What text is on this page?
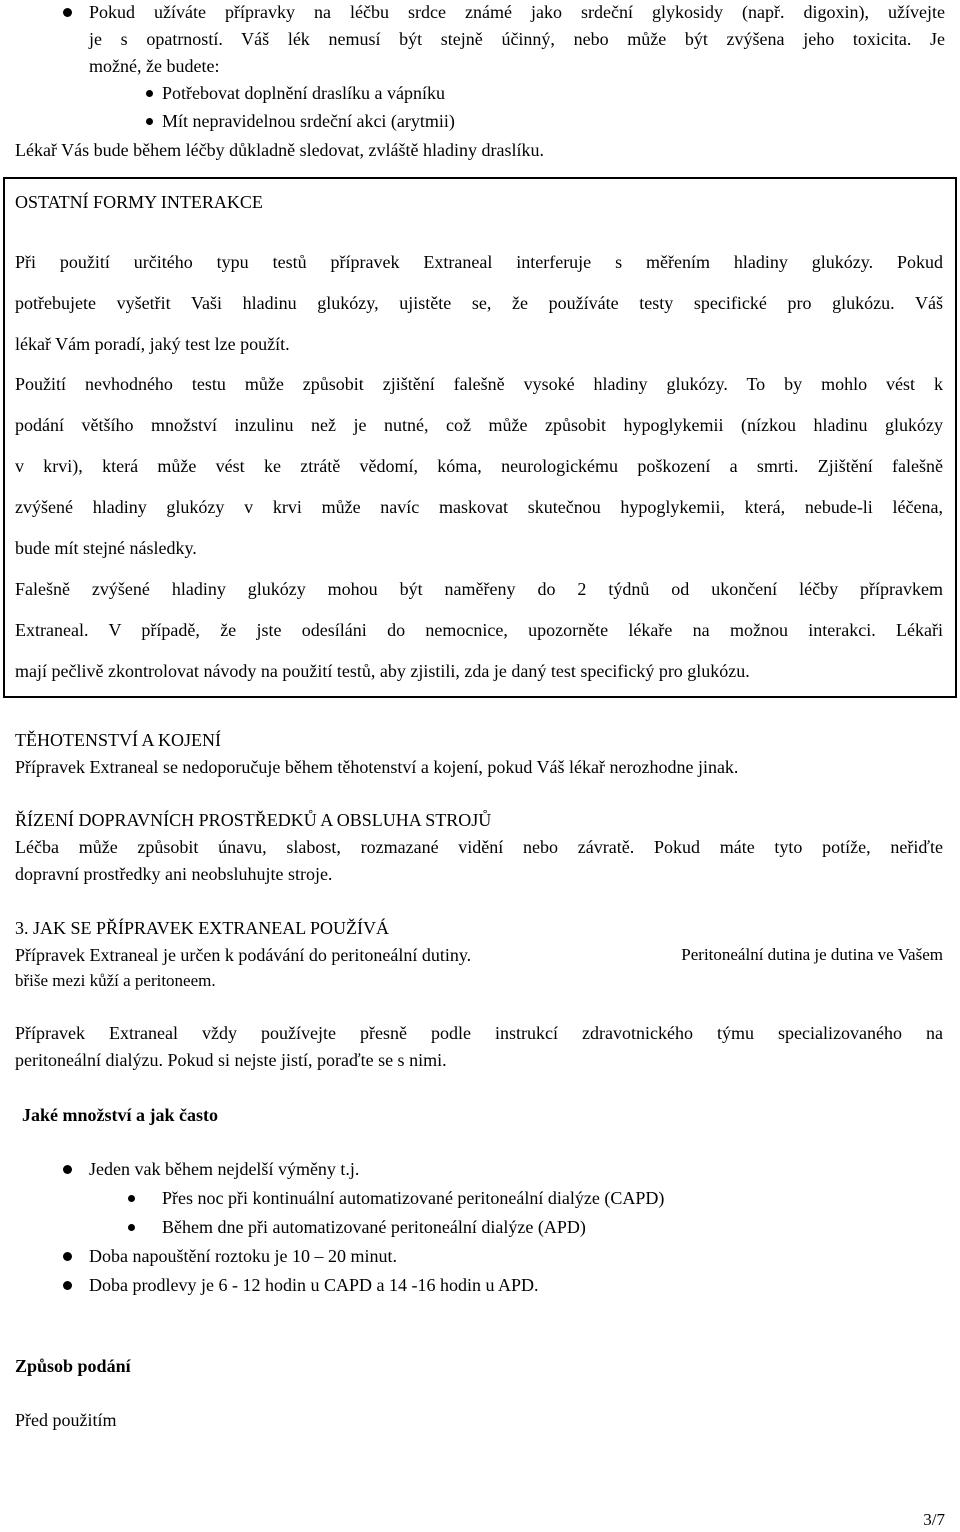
Pokud užíváte přípravky na léčbu srdce známé jako srdeční glykosidy (např. digoxin), užívejte
je s opatrností. Váš lék nemusí být stejně účinný, nebo může být zvýšena jeho toxicita. Je
možné, že budete:
Potřebovat doplnění draslíku a vápníku
Mít nepravidelnou srdeční akci (arytmii)
Lékař Vás bude během léčby důkladně sledovat, zvláště hladiny draslíku.
OSTATNÍ FORMY INTERAKCE
Při použití určitého typu testů přípravek Extraneal interferuje s měřením hladiny glukózy. Pokud
potřebujete vyšetřit Vaši hladinu glukózy, ujistěte se, že používáte testy specifické pro glukózu. Váš
lékař Vám poradí, jaký test lze použít.
Použití nevhodného testu může způsobit zjištění falešně vysoké hladiny glukózy. To by mohlo vést k
podání většího množství inzulinu než je nutné, což může způsobit hypoglykemii (nízkou hladinu glukózy
v krvi), která může vést ke ztrátě vědomí, kóma, neurologickému poškození a smrti. Zjištění falešně
zvýšené hladiny glukózy v krvi může navíc maskovat skutečnou hypoglykemii, která, nebude-li léčena,
bude mít stejné následky.
Falešně zvýšené hladiny glukózy mohou být naměřeny do 2 týdnů od ukončení léčby přípravkem
Extraneal. V případě, že jste odesíláni do nemocnice, upozorněte lékaře na možnou interakci. Lékaři
mají pečlivě zkontrolovat návody na použití testů, aby zjistili, zda je daný test specifický pro glukózu.
TĚHOTENSTVÍ A KOJENÍ
Přípravek Extraneal se nedoporučuje během těhotenství a kojení, pokud Váš lékař nerozhodne jinak.
ŘÍZENÍ DOPRAVNÍCH PROSTŘEDKŮ A OBSLUHA STROJŮ
Léčba může způsobit únavu, slabost, rozmazané vidění nebo závratě. Pokud máte tyto potíže, neřiďte
dopravní prostředky ani neobsluhujte stroje.
3. JAK SE PŘÍPRAVEK EXTRANEAL POUŽÍVÁ
Přípravek Extraneal je určen k podávání do peritoneální dutiny.	Peritoneální dutina je dutina ve Vašem
břiše mezi kůží a peritoneem.
Přípravek Extraneal vždy používejte přesně podle instrukcí zdravotnického týmu specializovaného na
peritoneální dialýzu. Pokud si nejste jistí, poraďte se s nimi.
Jaké množství a jak často
Jeden vak během nejdelší výměny t.j.
Přes noc při kontinuální automatizované peritoneální dialýze (CAPD)
Během dne při automatizované peritoneální dialýze (APD)
Doba napouštění roztoku je 10 – 20 minut.
Doba prodlevy je 6 - 12 hodin u CAPD a 14 -16 hodin u APD.
Způsob podání
Před použitím
3/7
